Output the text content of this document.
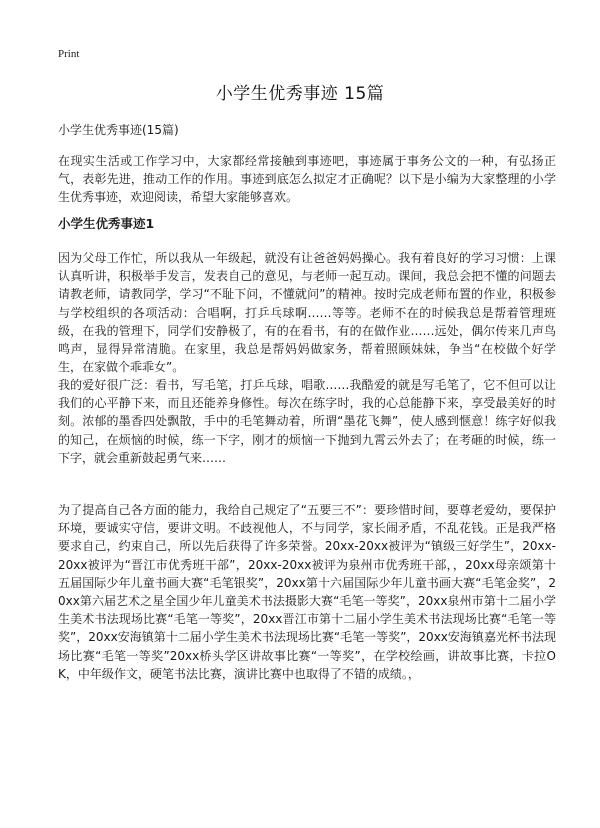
Print
小学生优秀事迹 15篇
小学生优秀事迹(15篇)

在现实生活或工作学习中，大家都经常接触到事迹吧，事迹属于事务公文的一种，有弘扬正气，表彰先进，推动工作的作用。事迹到底怎么拟定才正确呢？以下是小编为大家整理的小学生优秀事迹，欢迎阅读，希望大家能够喜欢。

小学生优秀事迹1

因为父母工作忙，所以我从一年级起，就没有让爸爸妈妈操心。我有着良好的学习习惯：上课认真听讲，积极举手发言，发表自己的意见，与老师一起互动。课间，我总会把不懂的问题去请教老师，请教同学，学习“不耻下问，不懂就问”的精神。按时完成老师布置的作业，积极参与学校组织的各项活动：合唱啊，打乒乓球啊……等等。老师不在的时候我总是帮着管理班级，在我的管理下，同学们安静极了，有的在看书，有的在做作业……远处，偶尔传来几声鸟鸣声，显得异常清脆。在家里，我总是帮妈妈做家务，帮着照顾妹妹，争当“在校做个好学生，在家做个乖乖女”。

我的爱好很广泛：看书，写毛笔，打乒乓球，唱歌……我酷爱的就是写毛笔了，它不但可以让我们的心平静下来，而且还能养身修性。每次在练字时，我的心总能静下来，享受最美好的时刻。浓郁的墨香四处飘散，手中的毛笔舞动着，所谓“墨花飞舞”，使人感到惬意！练字好似我的知己，在烦恼的时候，练一下字，刚才的烦恼一下抛到九霄云外去了；在考砸的时候，练一下字，就会重新鼓起勇气来……

为了提高自己各方面的能力，我给自己规定了“五要三不”：要珍惜时间，要尊老爱幼，要保护环境，要诚实守信，要讲文明。不歧视他人，不与同学，家长闹矛盾，不乱花钱。正是我严格要求自己，约束自己，所以先后获得了许多荣誉。20xx-20xx被评为“镇级三好学生”，20xx-20xx被评为“晋江市优秀班干部”，20xx-20xx被评为泉州市优秀班干部，，20xx母亲颂第十五届国际少年儿童书画大赛“毛笔银奖”，20xx第十六届国际少年儿童书画大赛“毛笔金奖”，20xx第六届艺术之星全国少年儿童美术书法摄影大赛“毛笔一等奖”，20xx泉州市第十二届小学生美术书法现场比赛“毛笔一等奖”，20xx晋江市第十二届小学生美术书法现场比赛“毛笔一等奖”，20xx安海镇第十二届小学生美术书法现场比赛“毛笔一等奖”，20xx安海镇嘉光杯书法现场比赛“毛笔一等奖”20xx桥头学区讲故事比赛“一等奖”，在学校绘画，讲故事比赛，卡拉OK，中年级作文，硬笔书法比赛，演讲比赛中也取得了不错的成绩。，
